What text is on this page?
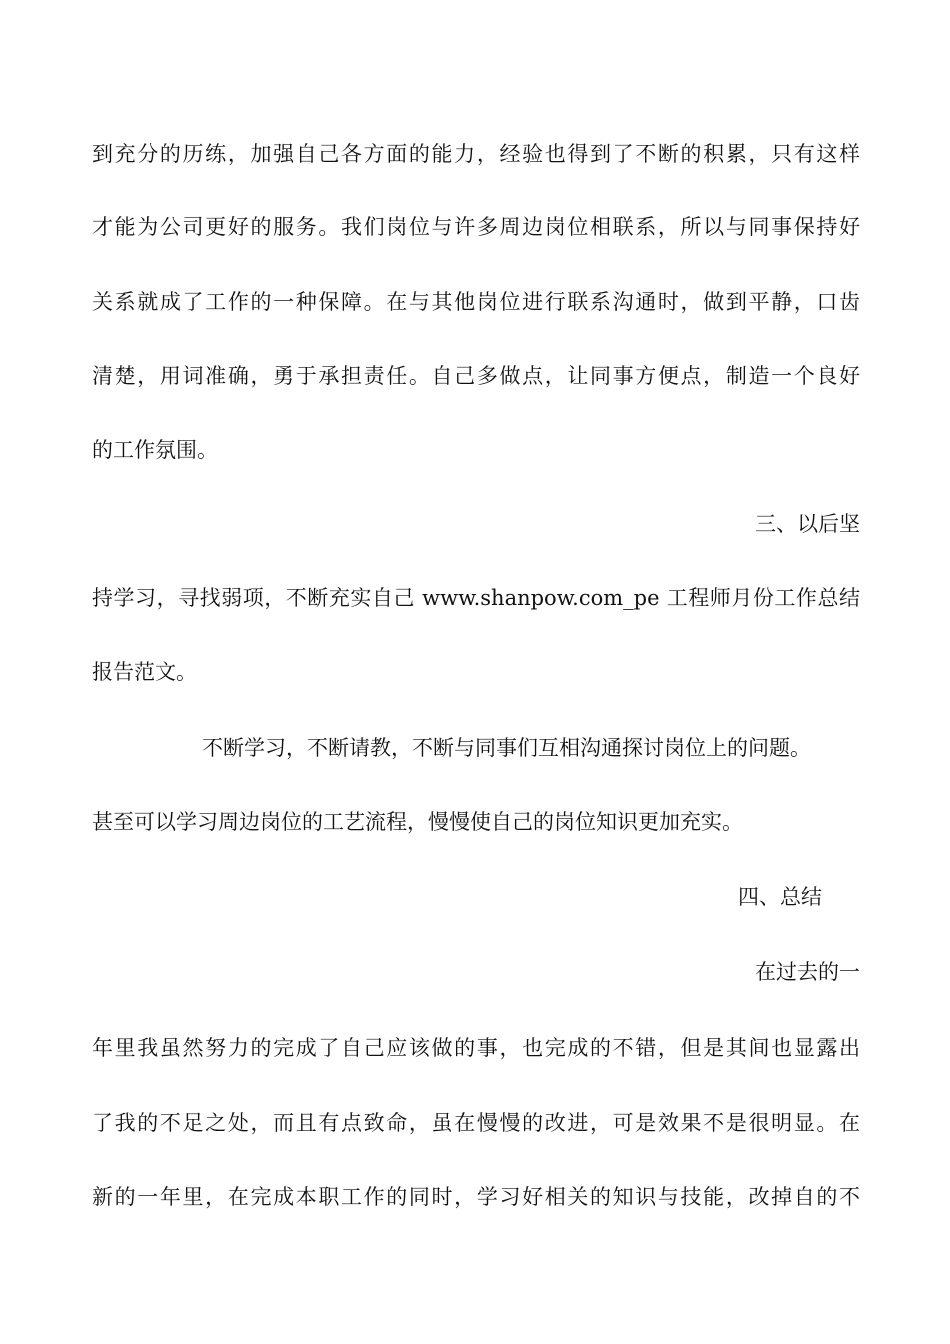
到充分的历练，加强自己各方面的能力，经验也得到了不断的积累，只有这样
才能为公司更好的服务。我们岗位与许多周边岗位相联系，所以与同事保持好
关系就成了工作的一种保障。在与其他岗位进行联系沟通时，做到平静，口齿
清楚，用词准确，勇于承担责任。自己多做点，让同事方便点，制造一个良好
的工作氛围。
三、以后坚
持学习，寻找弱项，不断充实自己 www.shanpow.com_pe 工程师月份工作总结
报告范文。
不断学习，不断请教，不断与同事们互相沟通探讨岗位上的问题。
甚至可以学习周边岗位的工艺流程，慢慢使自己的岗位知识更加充实。
四、总结
在过去的一
年里我虽然努力的完成了自己应该做的事，也完成的不错，但是其间也显露出
了我的不足之处，而且有点致命，虽在慢慢的改进，可是效果不是很明显。在
新的一年里，在完成本职工作的同时，学习好相关的知识与技能，改掉自的不
